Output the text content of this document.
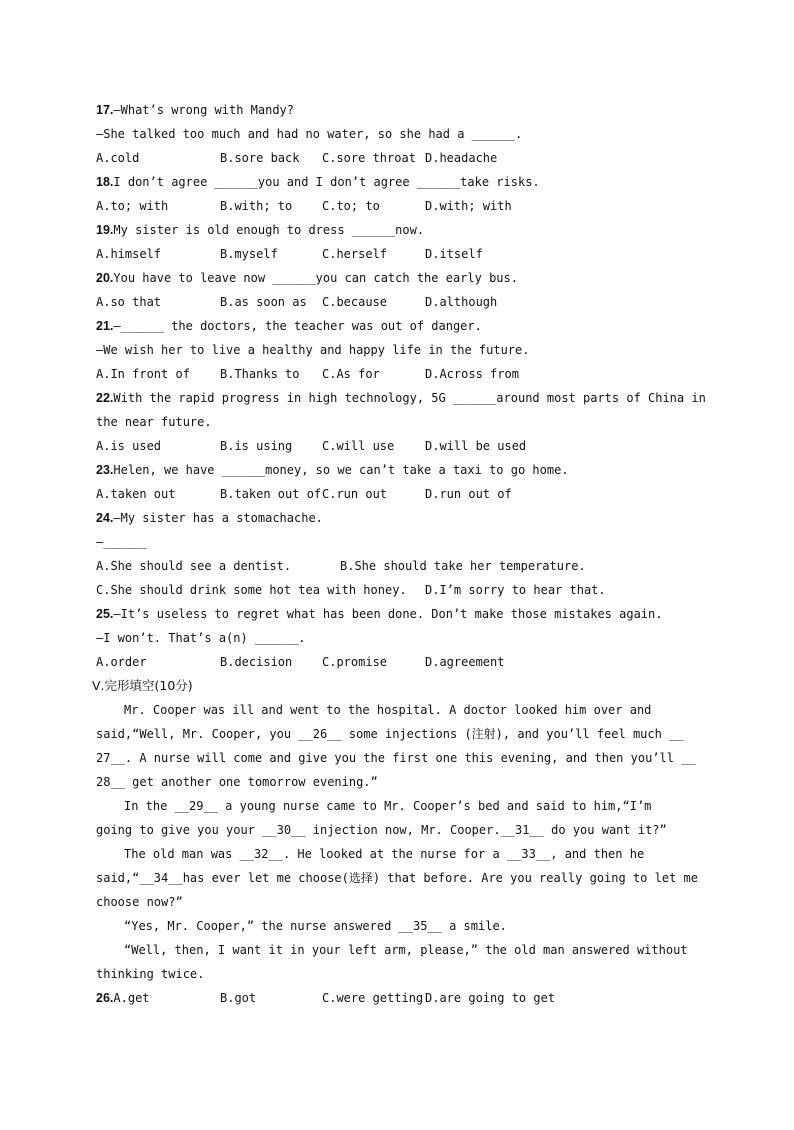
17.—What’s wrong with Mandy?
—She talked too much and had no water, so she had a ______.

A.cold

	B.sore back

C.sore throat

D.headache

18.I don’t agree ______you and I don’t agree ______take risks.

A.to; with

	B.with; to

C.to; to

	D.with; with

19.My sister is old enough to dress ______now.

A.himself

	B.myself

	C.herself

	D.itself

20.You have to leave now ______you can catch the early bus.

A.so that

	B.as soon as

C.because

	D.although

21.—______ the doctors, the teacher was out of danger.
—We wish her to live a healthy and happy life in the future.

A.In front of

	B.Thanks to

C.As for

	D.Across from

22.With the rapid progress in high technology, 5G ______around most parts of China in
the near future.

A.is used

	B.is using

C.will use

	D.will be used

23.Helen, we have ______money, so we can’t take a taxi to go home.

A.taken out

	B.taken out of

C.run out

	D.run out of

24.—My sister has a stomachache.
—______

A.She should see a dentist.

	B.She should take her temperature.

C.She should drink some hot tea with honey.

D.I’m sorry to hear that.

25.—It’s useless to regret what has been done. Don’t make those mistakes again.
—I won’t. That’s a(n) ______.

A.order

	B.decision

C.promise

	D.agreement

Ⅴ.完形填空(10分)
Mr. Cooper was ill and went to the hospital. A doctor looked him over and
said,“Well, Mr. Cooper, you __26__ some injections (注射), and you’ll feel much __
27__. A nurse will come and give you the first one this evening, and then you’ll __
28__ get another one tomorrow evening.”
In the __29__ a young nurse came to Mr. Cooper’s bed and said to him,“I’m
going to give you your __30__ injection now, Mr. Cooper.__31__ do you want it?”
The old man was __32__. He looked at the nurse for a __33__, and then he
said,“__34__has ever let me choose(选择) that before. Are you really going to let me
choose now?”
“Yes, Mr. Cooper,” the nurse answered __35__ a smile.
“Well, then, I want it in your left arm, please,” the old man answered without
thinking twice.

26.A.get

	B.got

	C.were getting

D.are going to get
